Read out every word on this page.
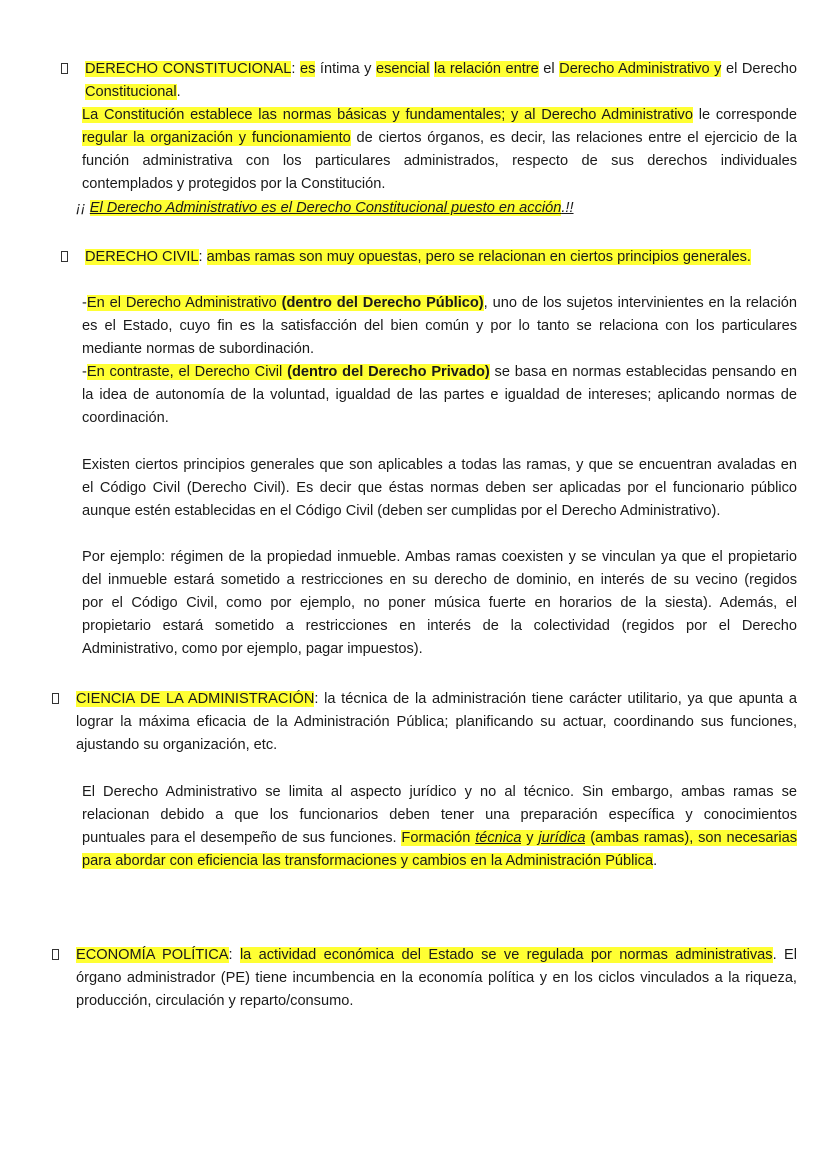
DERECHO CONSTITUCIONAL: es íntima y esencial la relación entre el Derecho Administrativo y el Derecho
Constitucional.
La Constitución establece las normas básicas y fundamentales; y al Derecho Administrativo le corresponde
regular la organización y funcionamiento de ciertos órganos, es decir, las relaciones entre el ejercicio de la
función administrativa con los particulares administrados, respecto de sus derechos individuales
contemplados y protegidos por la Constitución.
¡¡ El Derecho Administrativo es el Derecho Constitucional puesto en acción.!!
DERECHO CIVIL: ambas ramas son muy opuestas, pero se relacionan en ciertos principios generales.
-En el Derecho Administrativo (dentro del Derecho Público), uno de los sujetos intervinientes en la relación
es el Estado, cuyo fin es la satisfacción del bien común y por lo tanto se relaciona con los particulares
mediante normas de subordinación.
-En contraste, el Derecho Civil (dentro del Derecho Privado) se basa en normas establecidas pensando en
la idea de autonomía de la voluntad, igualdad de las partes e igualdad de intereses; aplicando normas de
coordinación.
Existen ciertos principios generales que son aplicables a todas las ramas, y que se encuentran avaladas en
el Código Civil (Derecho Civil). Es decir que éstas normas deben ser aplicadas por el funcionario público
aunque estén establecidas en el Código Civil (deben ser cumplidas por el Derecho Administrativo).
Por ejemplo: régimen de la propiedad inmueble. Ambas ramas coexisten y se vinculan ya que el propietario
del inmueble estará sometido a restricciones en su derecho de dominio, en interés de su vecino (regidos
por el Código Civil, como por ejemplo, no poner música fuerte en horarios de la siesta). Además, el
propietario estará sometido a restricciones en interés de la colectividad (regidos por el Derecho
Administrativo, como por ejemplo, pagar impuestos).
CIENCIA DE LA ADMINISTRACIÓN: la técnica de la administración tiene carácter utilitario, ya que apunta a
lograr la máxima eficacia de la Administración Pública; planificando su actuar, coordinando sus funciones,
ajustando su organización, etc.
El Derecho Administrativo se limita al aspecto jurídico y no al técnico. Sin embargo, ambas ramas se
relacionan debido a que los funcionarios deben tener una preparación específica y conocimientos
puntuales para el desempeño de sus funciones. Formación técnica y jurídica (ambas ramas), son necesarias
para abordar con eficiencia las transformaciones y cambios en la Administración Pública.
ECONOMÍA POLÍTICA: la actividad económica del Estado se ve regulada por normas administrativas. El
órgano administrador (PE) tiene incumbencia en la economía política y en los ciclos vinculados a la riqueza,
producción, circulación y reparto/consumo.
